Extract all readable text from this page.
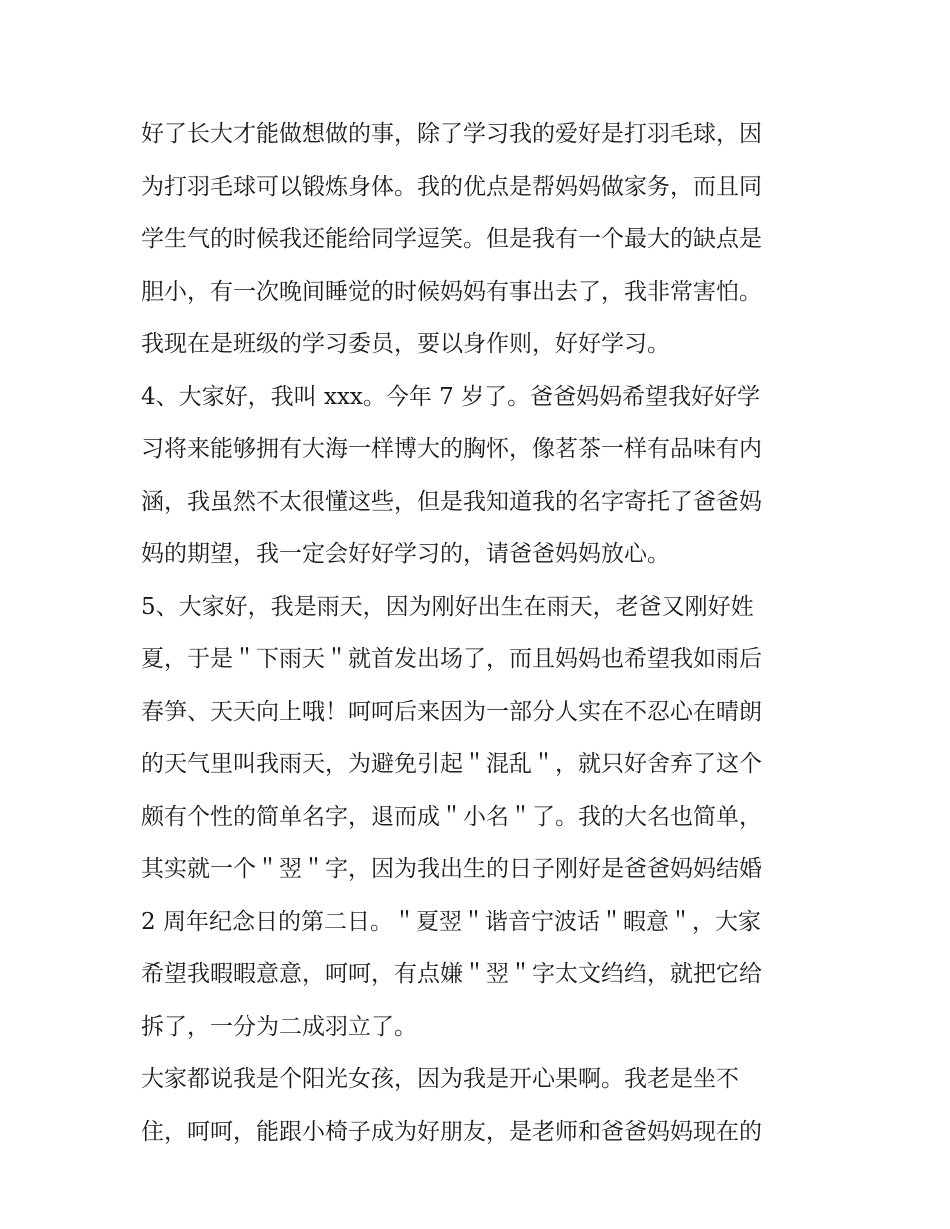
好了长大才能做想做的事，除了学习我的爱好是打羽毛球，因
为打羽毛球可以锻炼身体。我的优点是帮妈妈做家务，而且同
学生气的时候我还能给同学逗笑。但是我有一个最大的缺点是
胆小，有一次晚间睡觉的时候妈妈有事出去了，我非常害怕。
我现在是班级的学习委员，要以身作则，好好学习。
4、大家好，我叫 xxx。今年 7 岁了。爸爸妈妈希望我好好学
习将来能够拥有大海一样博大的胸怀，像茗茶一样有品味有内
涵，我虽然不太很懂这些，但是我知道我的名字寄托了爸爸妈
妈的期望，我一定会好好学习的，请爸爸妈妈放心。
5、大家好，我是雨天，因为刚好出生在雨天，老爸又刚好姓
夏，于是＂下雨天＂就首发出场了，而且妈妈也希望我如雨后
春笋、天天向上哦！呵呵后来因为一部分人实在不忍心在晴朗
的天气里叫我雨天，为避免引起＂混乱＂，就只好舍弃了这个
颇有个性的简单名字，退而成＂小名＂了。我的大名也简单，
其实就一个＂翌＂字，因为我出生的日子刚好是爸爸妈妈结婚
2 周年纪念日的第二日。＂夏翌＂谐音宁波话＂暇意＂，大家
希望我暇暇意意，呵呵，有点嫌＂翌＂字太文绉绉，就把它给
拆了，一分为二成羽立了。
大家都说我是个阳光女孩，因为我是开心果啊。我老是坐不
住，呵呵，能跟小椅子成为好朋友，是老师和爸爸妈妈现在的
